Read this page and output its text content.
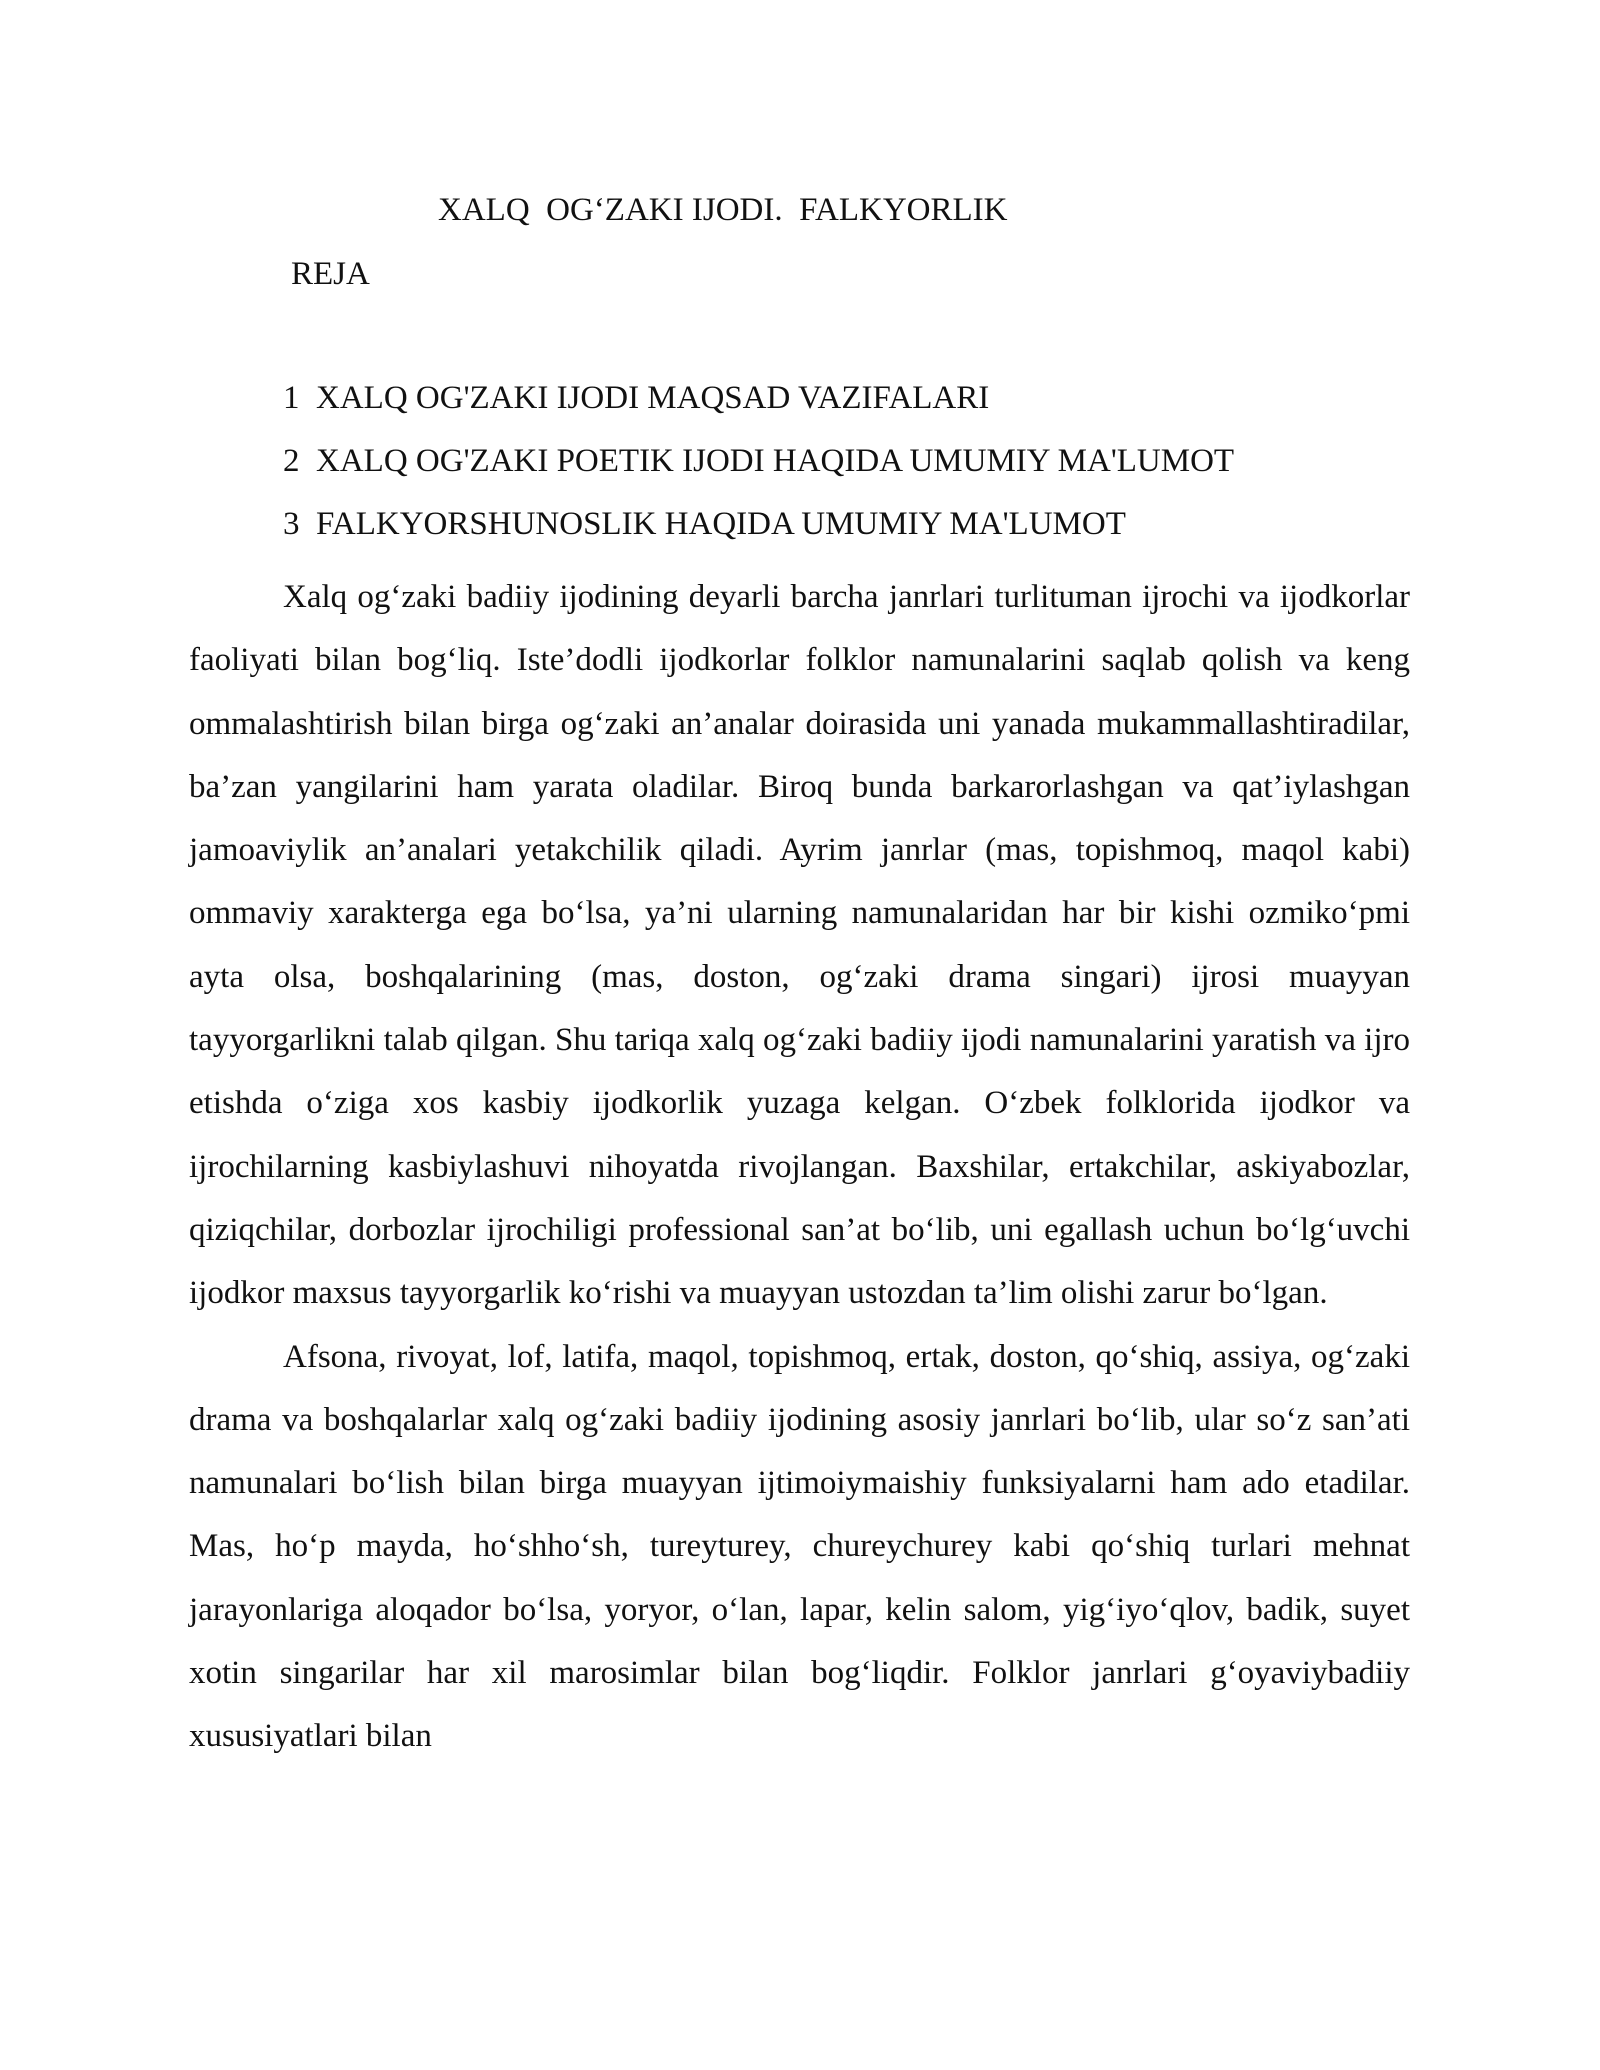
XALQ  OG‘ZAKI IJODI.  FALKYORLIK
REJA
1  XALQ OG'ZAKI IJODI MAQSAD VAZIFALARI
2  XALQ OG'ZAKI POETIK IJODI HAQIDA UMUMIY MA'LUMOT
3  FALKYORSHUNOSLIK HAQIDA UMUMIY MA'LUMOT

Xalq og‘zaki badiiy ijodining deyarli barcha janrlari turlituman ijrochi va ijodkorlar faoliyati bilan bog‘liq. Iste’dodli ijodkorlar folklor namunalarini saqlab qolish va keng ommalashtirish bilan birga og‘zaki an’analar doirasida uni yanada mukammallashtiradilar, ba’zan yangilarini ham yarata oladilar. Biroq bunda barkarorlashgan va qat’iylashgan jamoaviylik an’analari yetakchilik qiladi. Ayrim janrlar (mas, topishmoq, maqol kabi) ommaviy xarakterga ega bo‘lsa, ya’ni ularning namunalaridan har bir kishi ozmiko‘pmi ayta olsa, boshqalarining (mas, doston, og‘zaki drama singari) ijrosi muayyan tayyorgarlikni talab qilgan. Shu tariqa xalq og‘zaki badiiy ijodi namunalarini yaratish va ijro etishda o‘ziga xos kasbiy ijodkorlik yuzaga kelgan. O‘zbek folklorida ijodkor va ijrochilarning kasbiylashuvi nihoyatda rivojlangan. Baxshilar, ertakchilar, askiyabozlar, qiziqchilar, dorbozlar ijrochiligi professional san’at bo‘lib, uni egallash uchun bo‘lg‘uvchi ijodkor maxsus tayyorgarlik ko‘rishi va muayyan ustozdan ta’lim olishi zarur bo‘lgan.

Afsona, rivoyat, lof, latifa, maqol, topishmoq, ertak, doston, qo‘shiq, assiya, og‘zaki drama va boshqalarlar xalq og‘zaki badiiy ijodining asosiy janrlari bo‘lib, ular so‘z san’ati namunalari bo‘lish bilan birga muayyan ijtimoiymaishiy funksiyalarni ham ado etadilar. Mas, ho‘p mayda, ho‘shho‘sh, tureyturey, chureychurey kabi qo‘shiq turlari mehnat jarayonlariga aloqador bo‘lsa, yoryor, o‘lan, lapar, kelin salom, yig‘iyo‘qlov, badik, suyet xotin singarilar har xil marosimlar bilan bog‘liqdir. Folklor janrlari g‘oyaviybadiiy xususiyatlari bilan
